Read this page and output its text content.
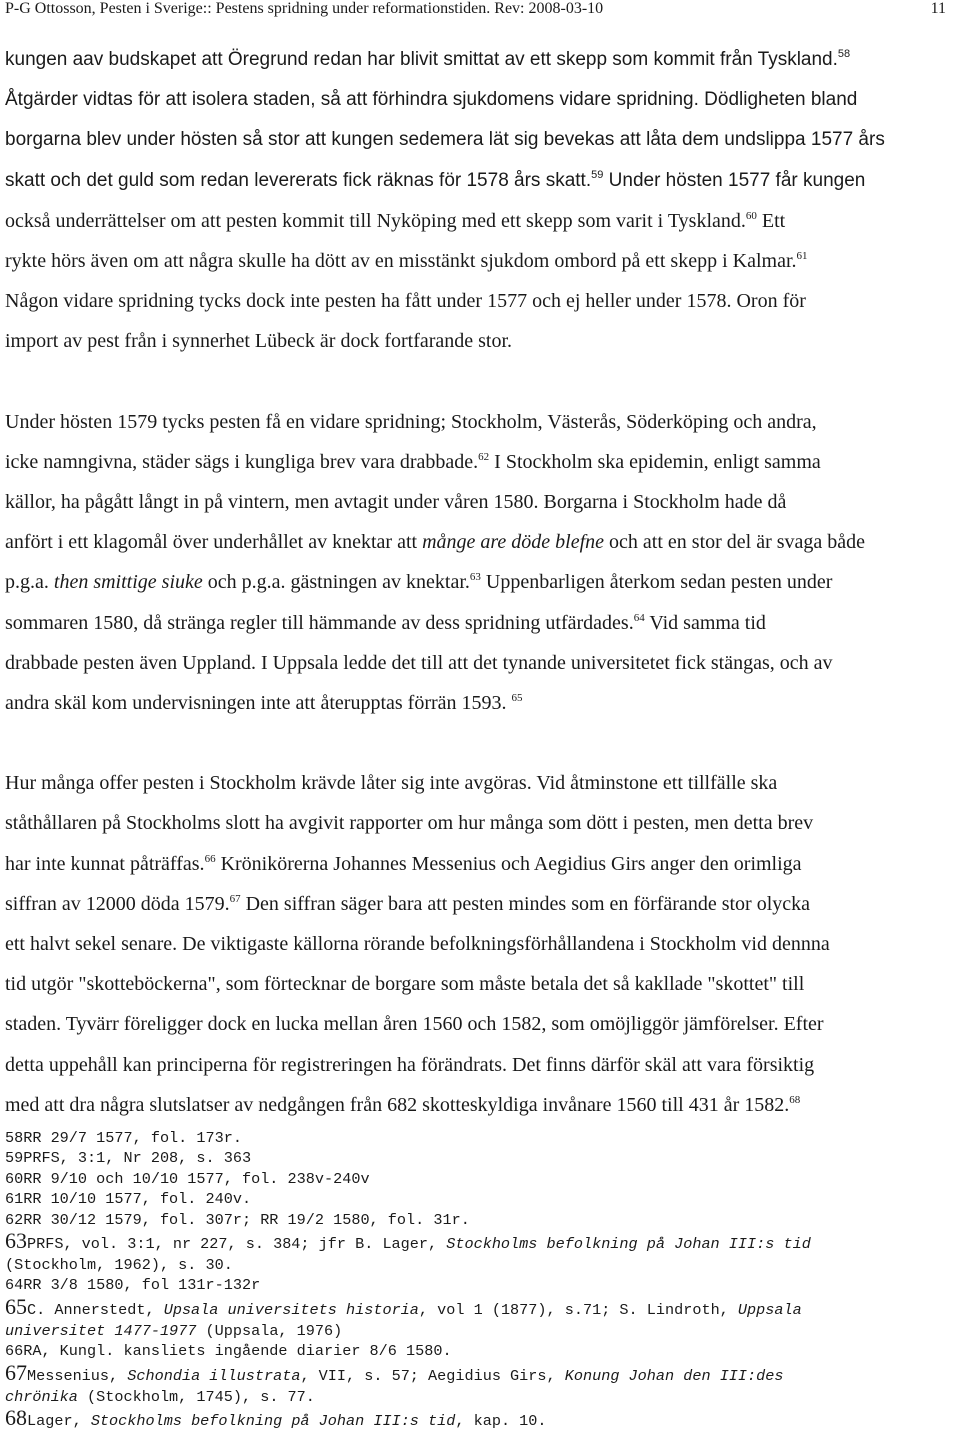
P-G Ottosson, Pesten i Sverige:: Pestens spridning under reformationstiden. Rev: 2008-03-10	11
kungen aav budskapet att Öregrund redan har blivit smittat av ett skepp som kommit från Tyskland.$^{58}$
Åtgärder vidtas för att isolera staden, så att förhindra sjukdomens vidare spridning. Dödligheten bland
borgarna blev under hösten så stor att kungen sedemera lät sig bevekas att låta dem undslippa 1577 års
skatt och det guld som redan levererats fick räknas för 1578 års skatt.$^{59}$ Under hösten 1577 får kungen
också underrättelser om att pesten kommit till Nyköping med ett skepp som varit i Tyskland.$^{60}$ Ett
rykte hörs även om att några skulle ha dött av en misstänkt sjukdom ombord på ett skepp i Kalmar.$^{61}$
Någon vidare spridning tycks dock inte pesten ha fått under 1577 och ej heller under 1578. Oron för
import av pest från i synnerhet Lübeck är dock fortfarande stor.
Under hösten 1579 tycks pesten få en vidare spridning; Stockholm, Västerås, Söderköping och andra,
icke namngivna, städer sägs i kungliga brev vara drabbade.$^{62}$ I Stockholm ska epidemin, enligt samma
källor, ha pågått långt in på vintern, men avtagit under våren 1580. Borgarna i Stockholm hade då
anfört i ett klagomål över underhållet av knektar att månge are döde blefne och att en stor del är svaga både
p.g.a. then smittige siuke och p.g.a. gästningen av knektar.$^{63}$ Uppenbarligen återkom sedan pesten under
sommaren 1580, då stränga regler till hämmande av dess spridning utfärdades.$^{64}$ Vid samma tid
drabbade pesten även Uppland. I Uppsala ledde det till att det tynande universitetet fick stängas, och av
andra skäl kom undervisningen inte att återupptas förrän 1593. $^{65}$
Hur många offer pesten i Stockholm krävde låter sig inte avgöras. Vid åtminstone ett tillfälle ska
ståthållaren på Stockholms slott ha avgivit rapporter om hur många som dött i pesten, men detta brev
har inte kunnat påträffas.$^{66}$ Krönikörerna Johannes Messenius och Aegidius Girs anger den orimliga
siffran av 12000 döda 1579.67 Den siffran säger bara att pesten mindes som en förfärande stor olycka
ett halvt sekel senare. De viktigaste källorna rörande befolkningsförhållandena i Stockholm vid dennna
tid utgör "skotteböckerna", som förtecknar de borgare som måste betala det så kakllade "skottet" till
staden. Tyvärr föreligger dock en lucka mellan åren 1560 och 1582, som omöjliggör jämförelser. Efter
detta uppehåll kan principerna för registreringen ha förändrats. Det finns därför skäl att vara försiktig
med att dra några slutslatser av nedgången från 682 skotteskyldiga invånare 1560 till 431 år 1582.68
58RR 29/7 1577, fol. 173r.
59PRFS, 3:1, Nr 208, s. 363
60RR 9/10 och 10/10 1577, fol. 238v-240v
61RR 10/10 1577, fol. 240v.
62RR 30/12 1579, fol. 307r; RR 19/2 1580, fol. 31r.
63PRFS, vol. 3:1, nr 227, s. 384; jfr B. Lager, Stockholms befolkning på Johan III:s tid
(Stockholm, 1962), s. 30.
64RR 3/8 1580, fol 131r-132r
65C. Annerstedt, Upsala universitets historia, vol 1 (1877), s.71; S. Lindroth, Uppsala
universitet 1477-1977 (Uppsala, 1976)
66RA, Kungl. kansliets ingående diarier 8/6 1580.
67Messenius, Schondia illustrata, VII, s. 57; Aegidius Girs, Konung Johan den III:des
chrönika (Stockholm, 1745), s. 77.
68Lager, Stockholms befolkning på Johan III:s tid, kap. 10.
